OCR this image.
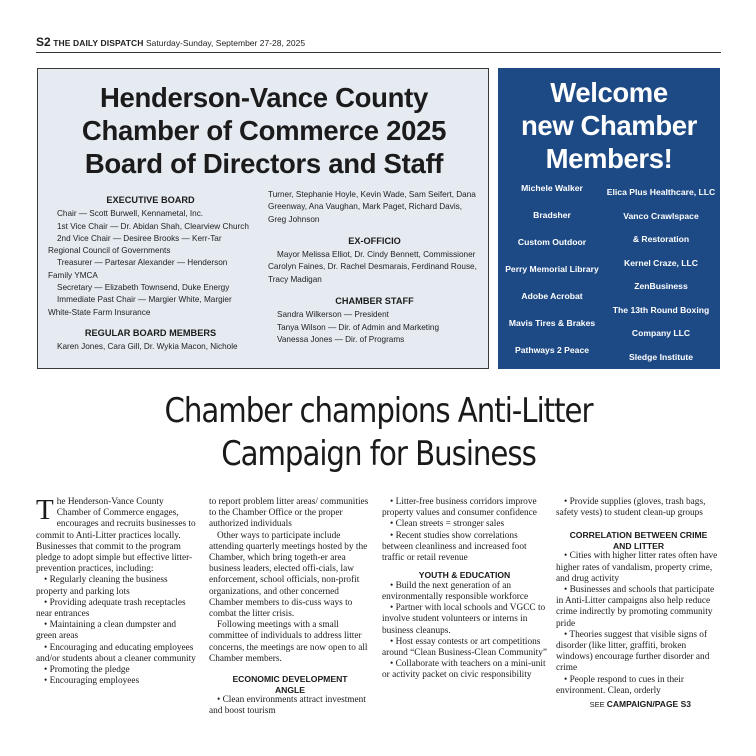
S2 THE DAILY DISPATCH Saturday-Sunday, September 27-28, 2025
Henderson-Vance County
Chamber of Commerce 2025
Board of Directors and Staff
EXECUTIVE BOARD
Chair — Scott Burwell, Kennametal, Inc.
1st Vice Chair — Dr. Abidan Shah, Clearview Church
2nd Vice Chair — Desiree Brooks — Kerr-Tar Regional Council of Governments
Treasurer — Partesar Alexander — Henderson Family YMCA
Secretary — Elizabeth Townsend, Duke Energy
Immediate Past Chair — Margier White, Margier White-State Farm Insurance
REGULAR BOARD MEMBERS
Karen Jones, Cara Gill, Dr. Wykia Macon, Nichole
Turner, Stephanie Hoyle, Kevin Wade, Sam Seifert, Dana Greenway, Ana Vaughan, Mark Paget, Richard Davis, Greg Johnson
EX-OFFICIO
Mayor Melissa Elliot, Dr. Cindy Bennett, Commissioner Carolyn Faines, Dr. Rachel Desmarais, Ferdinand Rouse, Tracy Madigan
CHAMBER STAFF
Sandra Wilkerson — President
Tanya Wilson — Dir. of Admin and Marketing
Vanessa Jones — Dir. of Programs
Welcome
new Chamber
Members!
Michele Walker
Bradsher
Custom Outdoor
Perry Memorial Library
Adobe Acrobat
Mavis Tires & Brakes
Pathways 2 Peace
Elica Plus Healthcare, LLC
Vanco Crawlspace
& Restoration
Kernel Craze, LLC
ZenBusiness
The 13th Round Boxing
Company LLC
Sledge Institute
Chamber champions Anti-Litter
Campaign for Business

The Henderson-Vance County Chamber of Commerce engages, encourages and recruits businesses to commit to Anti-Litter practices locally. Businesses that commit to the program pledge to adopt simple but effective litter-prevention practices, including:

• Regularly cleaning the business property and parking lots

• Providing adequate trash receptacles near entrances

• Maintaining a clean dumpster and green areas

• Encouraging and educating employees and/or students about a cleaner community

• Promoting the pledge

• Encouraging employees

to report problem litter areas/ communities to the Chamber Office or the proper authorized individuals

Other ways to participate include attending quarterly meetings hosted by the Chamber, which bring togeth-er area business leaders, elected offi-cials, law enforcement, school officials, non-profit organizations, and other concerned Chamber members to dis-cuss ways to combat the litter crisis.

Following meetings with a small committee of individuals to address litter concerns, the meetings are now open to all Chamber members.

ECONOMIC DEVELOPMENT ANGLE

• Clean environments attract investment and boost tourism

• Litter-free business corridors improve property values and consumer confidence

• Clean streets = stronger sales

• Recent studies show correlations between cleanliness and increased foot traffic or retail revenue

YOUTH & EDUCATION

• Build the next generation of an environmentally responsible workforce

• Partner with local schools and VGCC to involve student volunteers or interns in business cleanups.

• Host essay contests or art competitions around “Clean Business-Clean Community”

• Collaborate with teachers on a mini-unit or activity packet on civic responsibility

• Provide supplies (gloves, trash bags, safety vests) to student clean-up groups

CORRELATION BETWEEN CRIME AND LITTER

• Cities with higher litter rates often have higher rates of vandalism, property crime, and drug activity

• Businesses and schools that participate in Anti-Litter campaigns also help reduce crime indirectly by promoting community pride

• Theories suggest that visible signs of disorder (like litter, graffiti, broken windows) encourage further disorder and crime

• People respond to cues in their environment. Clean, orderly

SEE CAMPAIGN/PAGE S3
